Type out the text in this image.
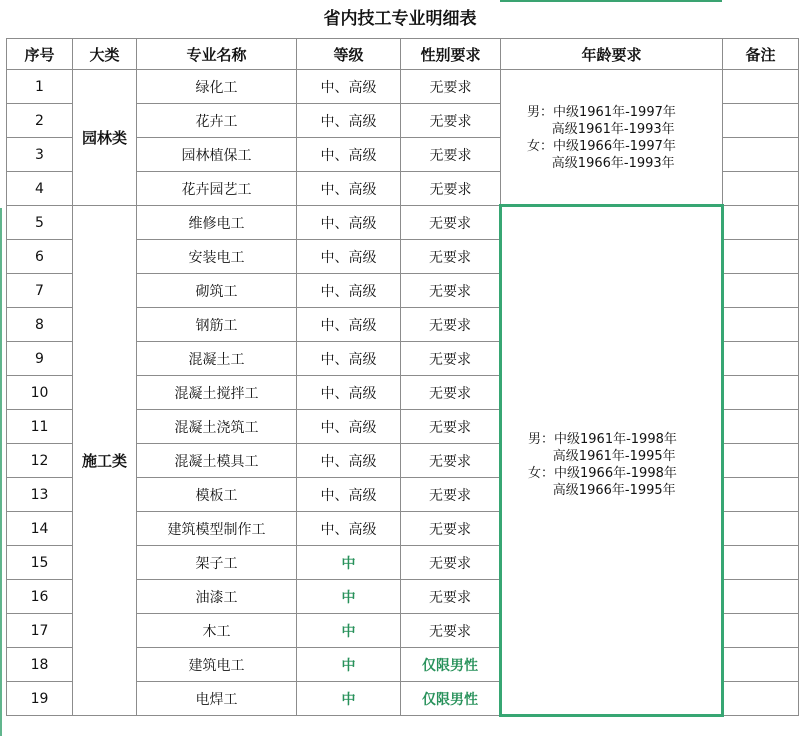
省内技工专业明细表
序号	大类	专业名称	等级	性别要求	年龄要求	备注
1	园林类	绿化工	中、高级	无要求	男：中级1961年-1997年
高级1961年-1993年
女：中级1966年-1997年
高级1966年-1993年	

2		花卉工	中、高级	无要求		
3		园林植保工	中、高级	无要求		
4		花卉园艺工	中、高级	无要求		
5	施工类	维修电工	中、高级	无要求	男：中级1961年-1998年
高级1961年-1995年
女：中级1966年-1998年
高级1966年-1995年	

6		安装电工	中、高级	无要求		
7		砌筑工	中、高级	无要求		
8		钢筋工	中、高级	无要求		
9		混凝土工	中、高级	无要求		
10		混凝土搅拌工	中、高级	无要求		
11		混凝土浇筑工	中、高级	无要求		
12		混凝土模具工	中、高级	无要求		
13		模板工	中、高级	无要求		
14		建筑模型制作工	中、高级	无要求		
15		架子工	中	无要求		
16		油漆工	中	无要求		
17		木工	中	无要求		
18		建筑电工	中	仅限男性		
19		电焊工	中	仅限男性		
